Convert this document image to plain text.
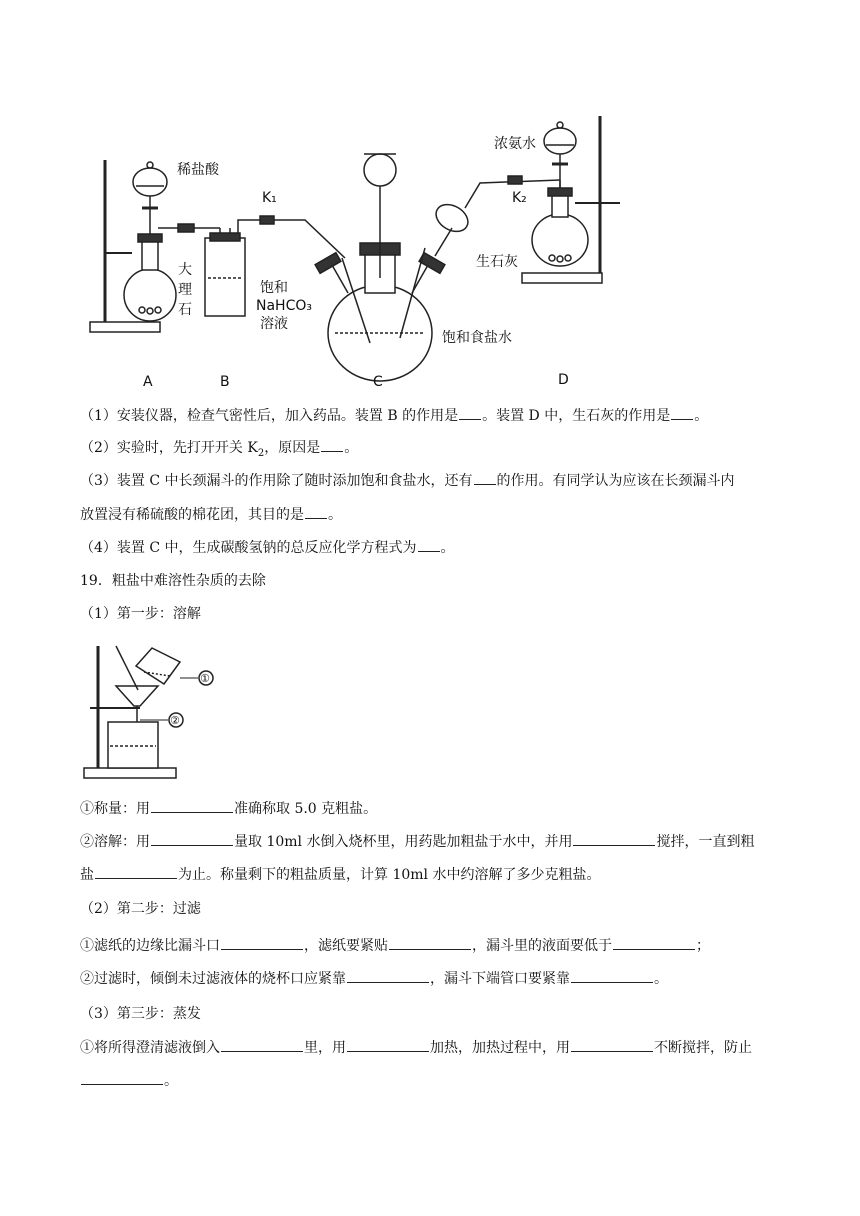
稀盐酸
K₁
大
理
石
饱和
NaHCO₃
溶液
浓氨水
K₂
生石灰
饱和食盐水
A	B	C	D
（1）安装仪器，检查气密性后，加入药品。装置 B 的作用是 。装置 D 中，生石灰的作用是 。
（2）实验时，先打开开关 $K_2$，原因是 。
（3）装置 C 中长颈漏斗的作用除了随时添加饱和食盐水，还有 的作用。有同学认为应该在长颈漏斗内
放置浸有稀硫酸的棉花团，其目的是 。
（4）装置 C 中，生成碳酸氢钠的总反应化学方程式为 。
19．粗盐中难溶性杂质的去除
（1）第一步：溶解
①
②
①称量：用	准确称取 5.0 克粗盐。
②溶解：用	量取 10ml 水倒入烧杯里，用药匙加粗盐于水中，并用	搅拌，一直到粗
盐	为止。称量剩下的粗盐质量，计算 10ml 水中约溶解了多少克粗盐。
（2）第二步：过滤
①滤纸的边缘比漏斗口	，滤纸要紧贴	，漏斗里的液面要低于	；
②过滤时，倾倒未过滤液体的烧杯口应紧靠	，漏斗下端管口要紧靠	。
（3）第三步：蒸发
①将所得澄清滤液倒入	里，用	加热，加热过程中，用	不断搅拌，防止
。
